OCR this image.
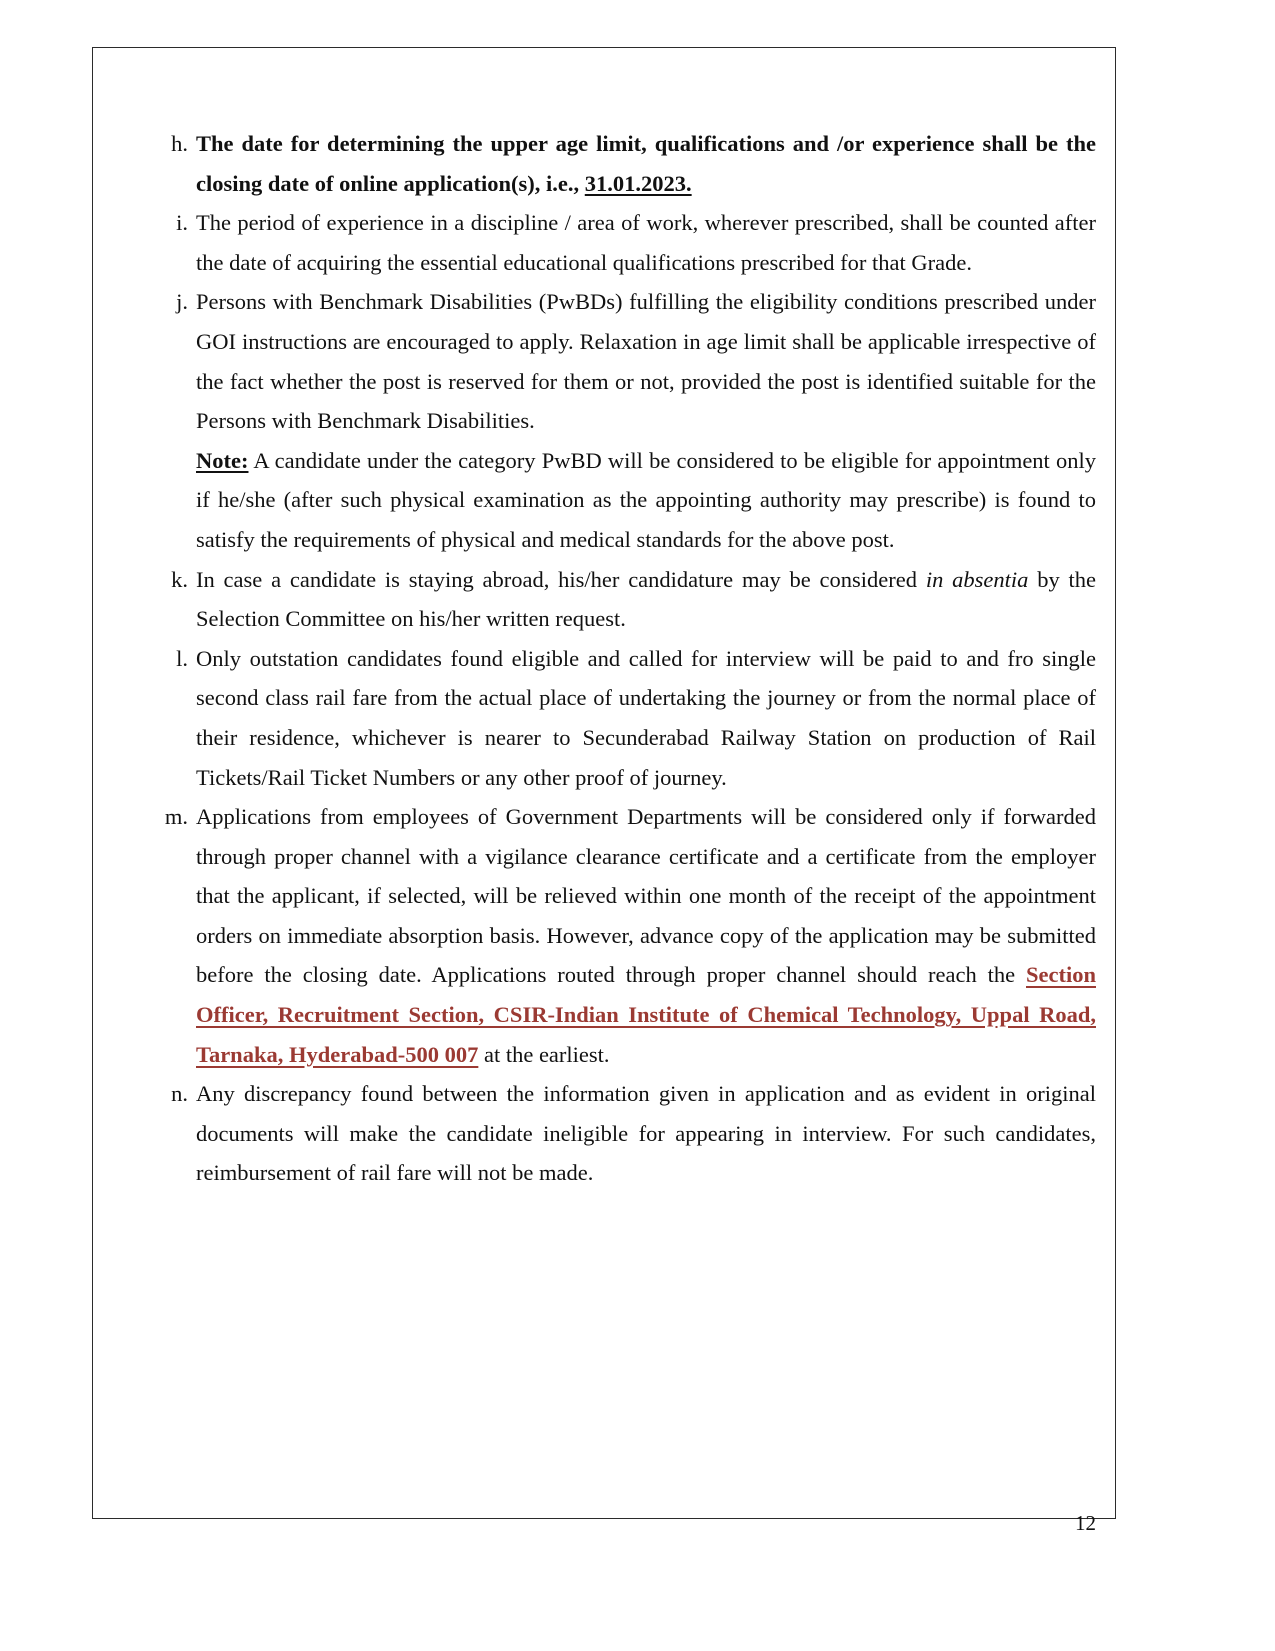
h. The date for determining the upper age limit, qualifications and /or experience shall be the closing date of online application(s), i.e., 31.01.2023.

i. The period of experience in a discipline / area of work, wherever prescribed, shall be counted after the date of acquiring the essential educational qualifications prescribed for that Grade.

j. Persons with Benchmark Disabilities (PwBDs) fulfilling the eligibility conditions prescribed under GOI instructions are encouraged to apply. Relaxation in age limit shall be applicable irrespective of the fact whether the post is reserved for them or not, provided the post is identified suitable for the Persons with Benchmark Disabilities.

Note: A candidate under the category PwBD will be considered to be eligible for appointment only if he/she (after such physical examination as the appointing authority may prescribe) is found to satisfy the requirements of physical and medical standards for the above post.

k. In case a candidate is staying abroad, his/her candidature may be considered in absentia by the Selection Committee on his/her written request.

l. Only outstation candidates found eligible and called for interview will be paid to and fro single second class rail fare from the actual place of undertaking the journey or from the normal place of their residence, whichever is nearer to Secunderabad Railway Station on production of Rail Tickets/Rail Ticket Numbers or any other proof of journey.

m. Applications from employees of Government Departments will be considered only if forwarded through proper channel with a vigilance clearance certificate and a certificate from the employer that the applicant, if selected, will be relieved within one month of the receipt of the appointment orders on immediate absorption basis. However, advance copy of the application may be submitted before the closing date. Applications routed through proper channel should reach the Section Officer, Recruitment Section, CSIR-Indian Institute of Chemical Technology, Uppal Road, Tarnaka, Hyderabad-500 007 at the earliest.

n. Any discrepancy found between the information given in application and as evident in original documents will make the candidate ineligible for appearing in interview. For such candidates, reimbursement of rail fare will not be made.

12
